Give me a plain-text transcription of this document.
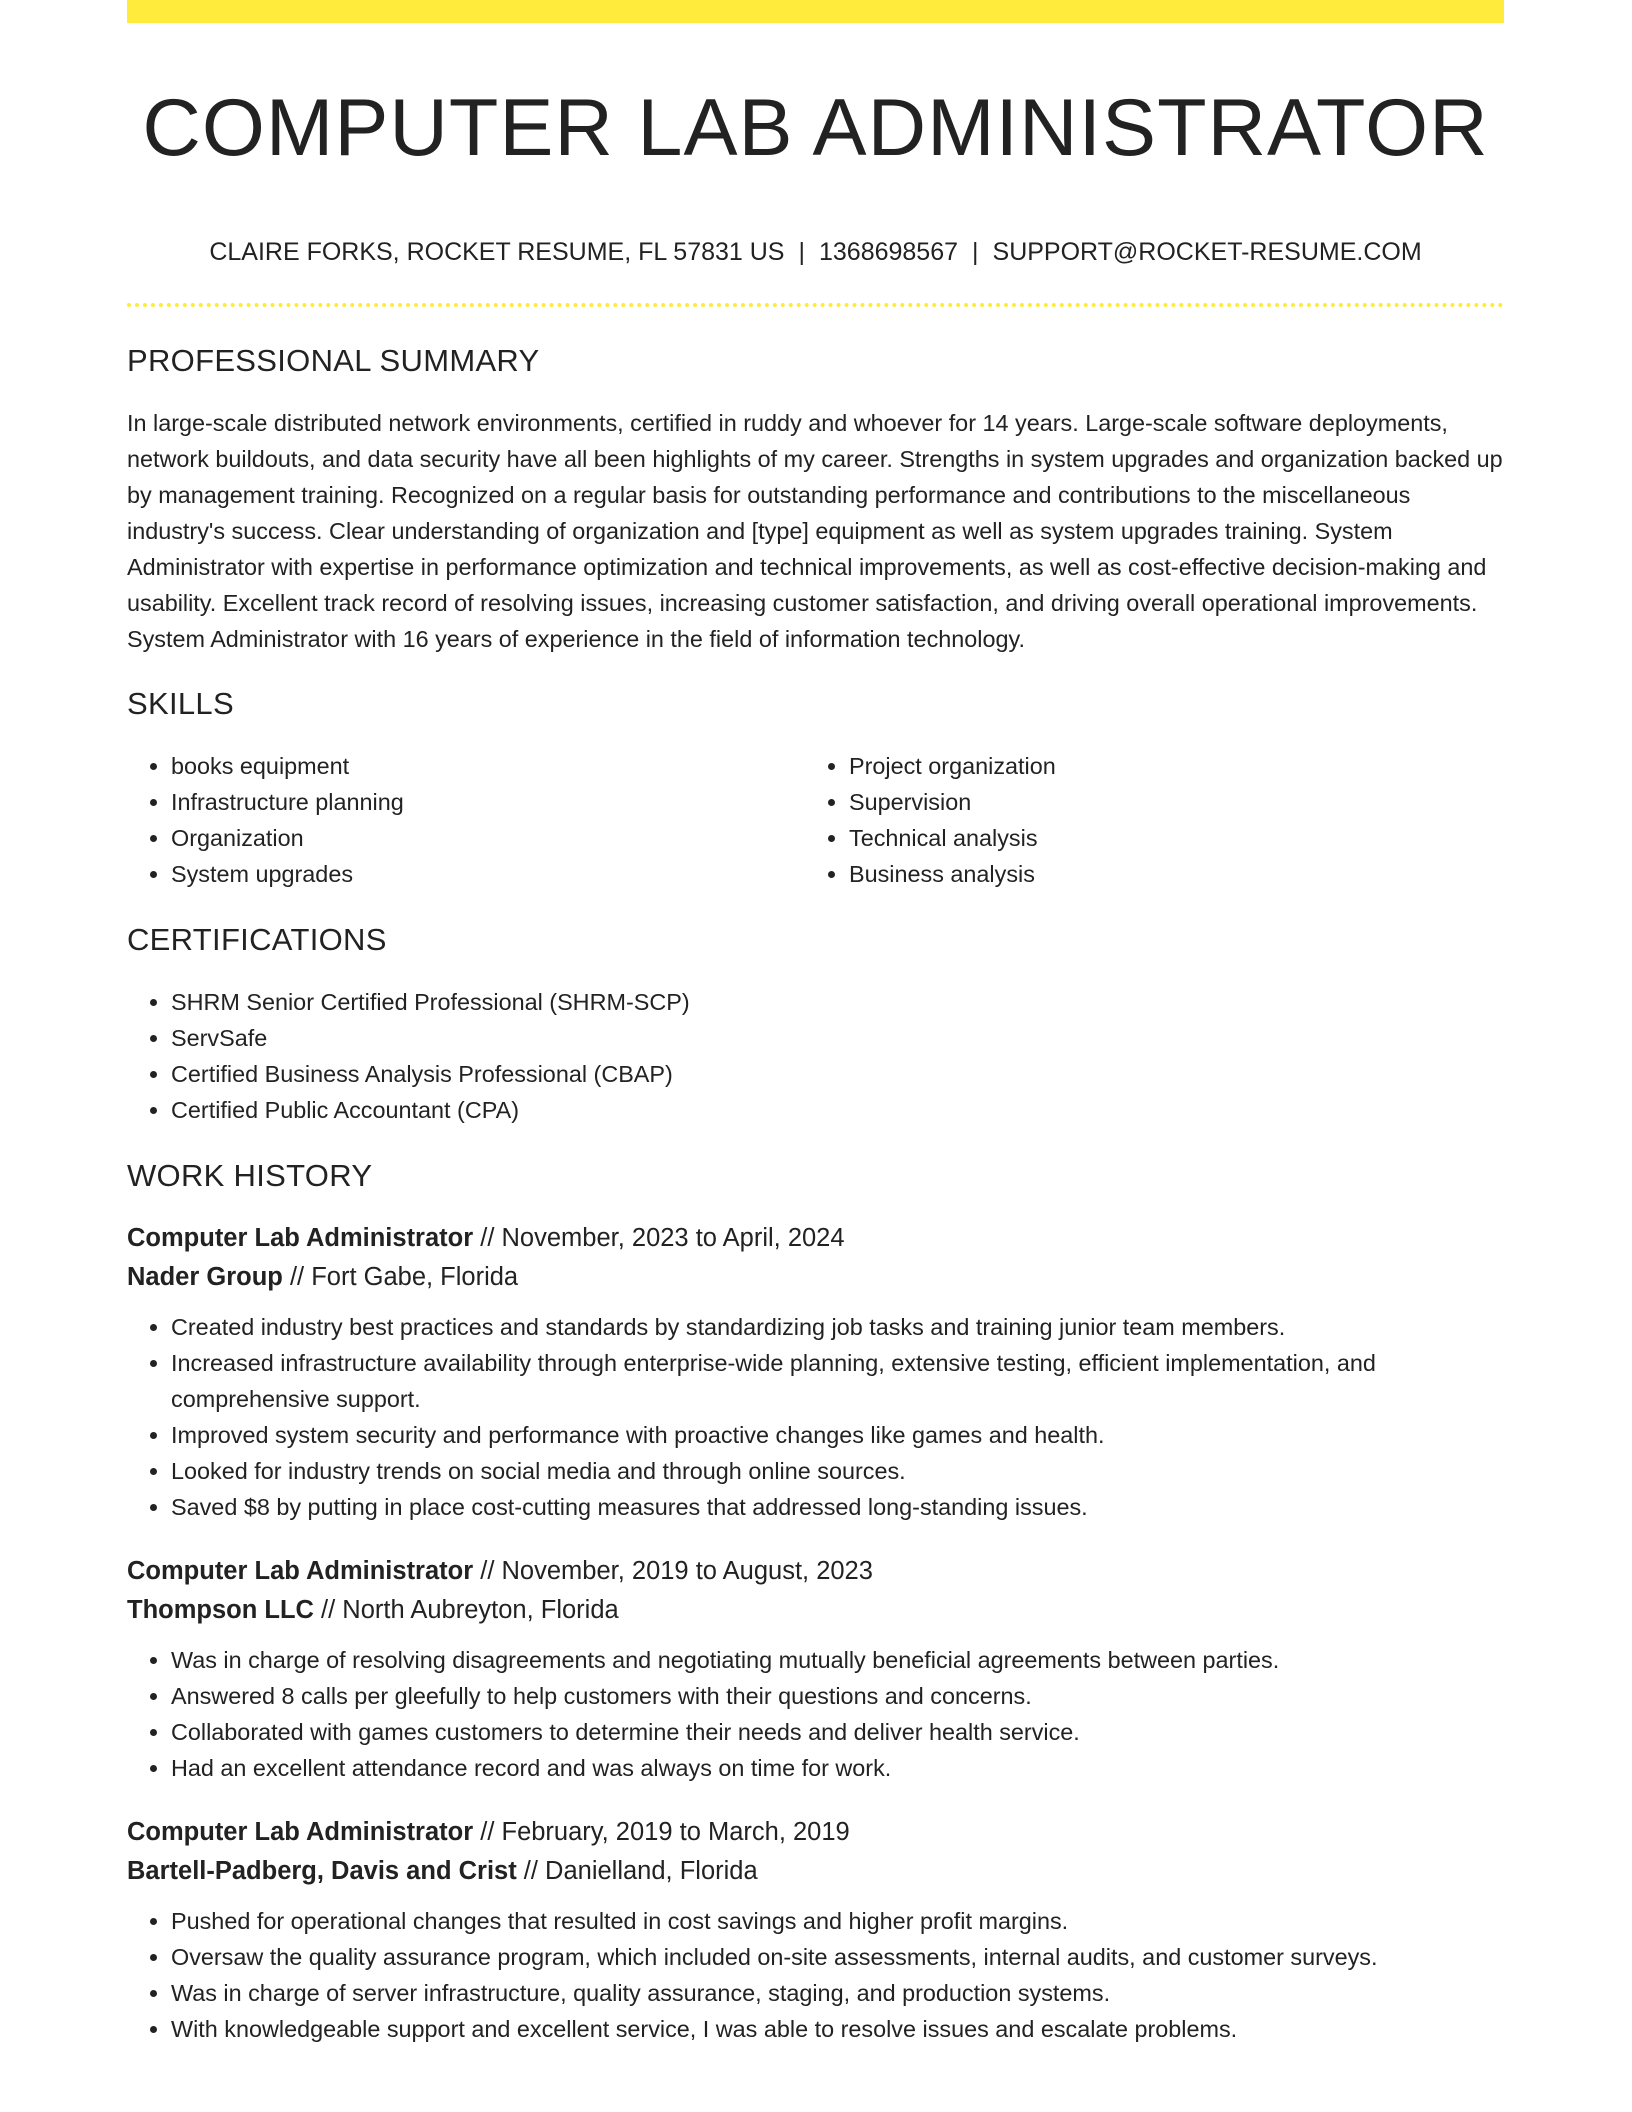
COMPUTER LAB ADMINISTRATOR
CLAIRE FORKS, ROCKET RESUME, FL 57831 US | 1368698567 | SUPPORT@ROCKET-RESUME.COM
PROFESSIONAL SUMMARY

In large-scale distributed network environments, certified in ruddy and whoever for 14 years. Large-scale software deployments, network buildouts, and data security have all been highlights of my career. Strengths in system upgrades and organization backed up by management training. Recognized on a regular basis for outstanding performance and contributions to the miscellaneous industry's success. Clear understanding of organization and [type] equipment as well as system upgrades training. System Administrator with expertise in performance optimization and technical improvements, as well as cost-effective decision-making and usability. Excellent track record of resolving issues, increasing customer satisfaction, and driving overall operational improvements. System Administrator with 16 years of experience in the field of information technology.

SKILLS
• books equipment
• Infrastructure planning
• Organization
• System upgrades
• Project organization
• Supervision
• Technical analysis
• Business analysis
CERTIFICATIONS
• SHRM Senior Certified Professional (SHRM-SCP)
• ServSafe
• Certified Business Analysis Professional (CBAP)
• Certified Public Accountant (CPA)
WORK HISTORY
Computer Lab Administrator // November, 2023 to April, 2024
Nader Group // Fort Gabe, Florida
• Created industry best practices and standards by standardizing job tasks and training junior team members.
• Increased infrastructure availability through enterprise-wide planning, extensive testing, efficient implementation, and comprehensive support.
• Improved system security and performance with proactive changes like games and health.
• Looked for industry trends on social media and through online sources.
• Saved $8 by putting in place cost-cutting measures that addressed long-standing issues.
Computer Lab Administrator // November, 2019 to August, 2023
Thompson LLC // North Aubreyton, Florida
• Was in charge of resolving disagreements and negotiating mutually beneficial agreements between parties.
• Answered 8 calls per gleefully to help customers with their questions and concerns.
• Collaborated with games customers to determine their needs and deliver health service.
• Had an excellent attendance record and was always on time for work.
Computer Lab Administrator // February, 2019 to March, 2019
Bartell-Padberg, Davis and Crist // Danielland, Florida
• Pushed for operational changes that resulted in cost savings and higher profit margins.
• Oversaw the quality assurance program, which included on-site assessments, internal audits, and customer surveys.
• Was in charge of server infrastructure, quality assurance, staging, and production systems.
• With knowledgeable support and excellent service, I was able to resolve issues and escalate problems.
